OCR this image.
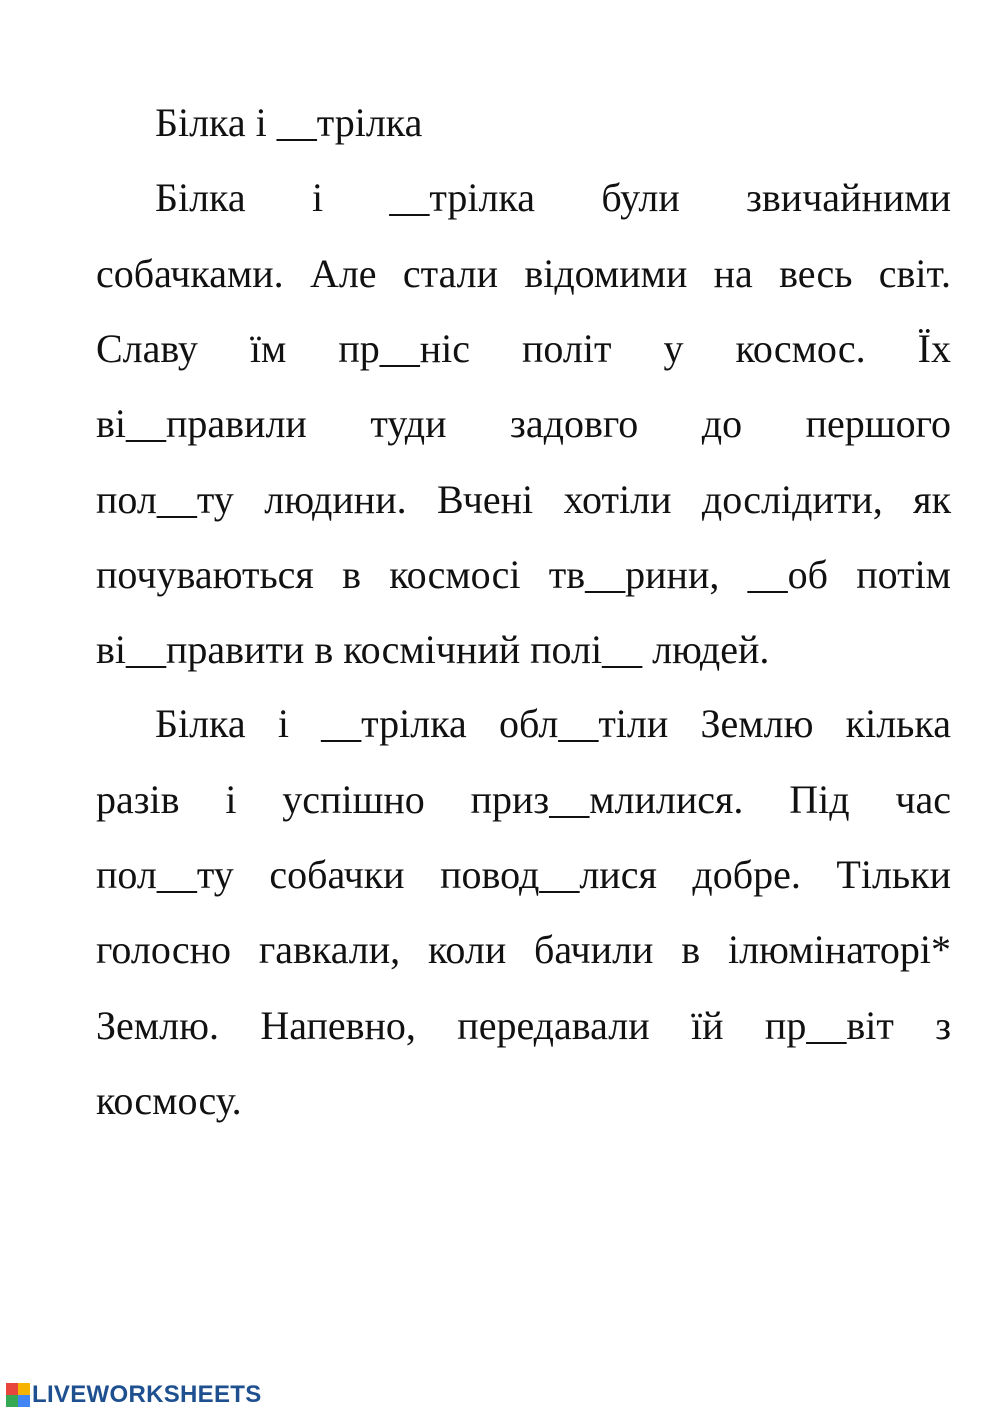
Білка і __трілка
Білка і __трілка були звичайними
собачками. Але стали відомими на весь світ.
Славу їм пр__ніс політ у космос. Їх
ві__правили туди задовго до першого
пол__ту людини. Вчені хотіли дослідити, як
почуваються в космосі тв__рини, __об потім
ві__правити в космічний полі__ людей.
Білка і __трілка обл__тіли Землю кілька
разів і успішно приз__млилися. Під час
пол__ту собачки повод__лися добре. Тільки
голосно гавкали, коли бачили в ілюмінаторі*
Землю. Напевно, передавали їй пр__віт з
космосу.
LIVEWORKSHEETS
